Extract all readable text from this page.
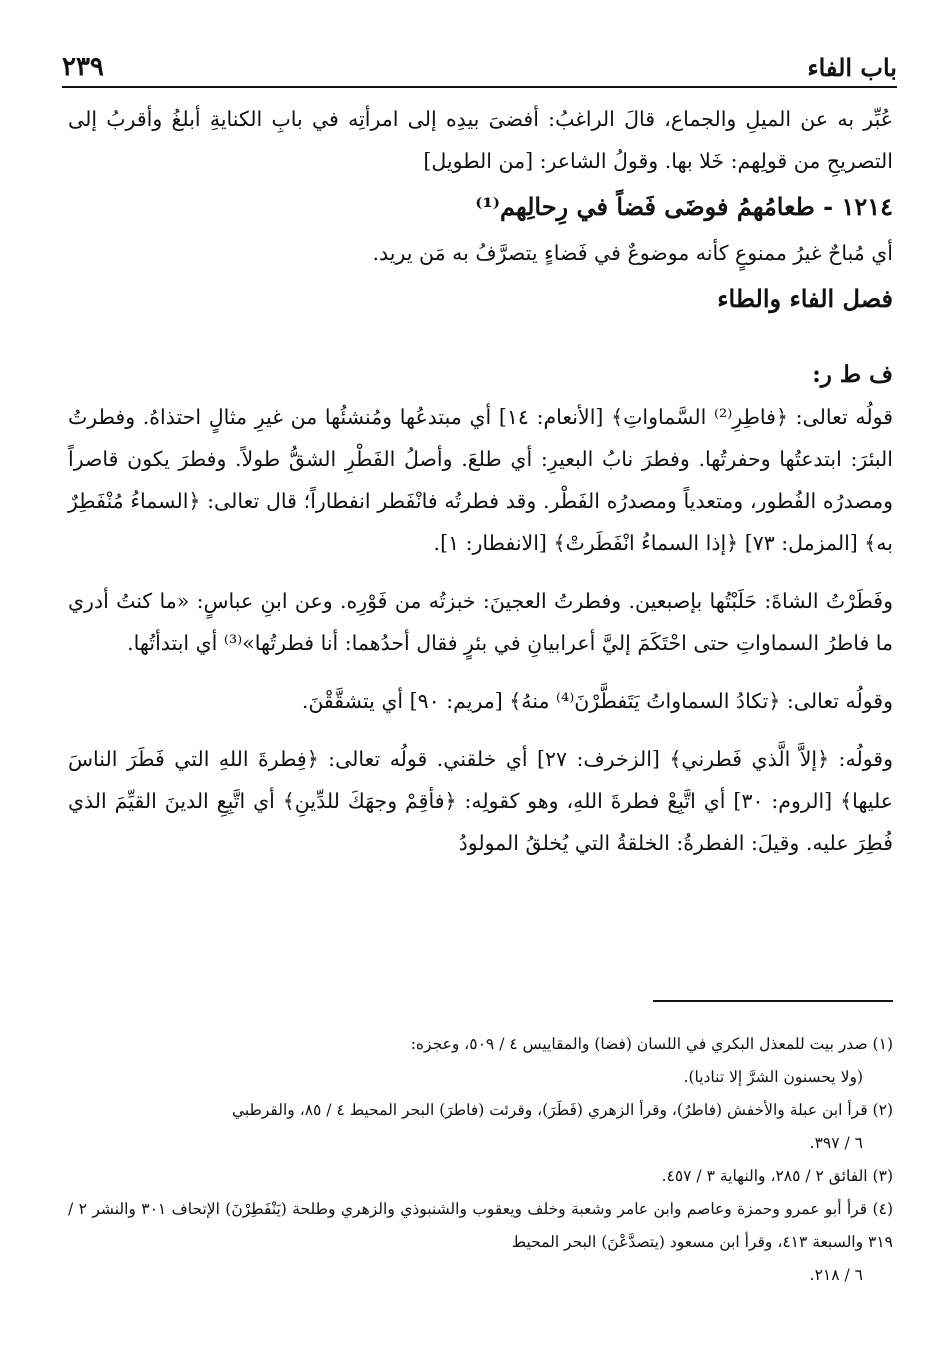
باب الفاء
٢٣٩

عُبِّر به عن الميلِ والجماع، قالَ الراغبُ: أفضىَ بيدِه إلى امرأتِه في بابِ الكنايةِ أبلغُ وأقربُ إلى التصريحِ من قولِهم: خَلا بها. وقولُ الشاعر: [من الطويل]

١٢١٤ - طعامُهمُ فوضَى فَضاً في رِحالِهم⁽¹⁾

أي مُباحٌ غيرُ ممنوعٍ كأنه موضوعٌ في فَضاءٍ يتصرَّفُ به مَن يريد.

فصل الفاء والطاء

ف ط ر:

قولُه تعالى: ﴿فاطِرِ⁽²⁾ السَّماواتِ﴾ [الأنعام: ١٤] أي مبتدعُها ومُنشئُها من غيرِ مثالٍ احتذاهُ. وفطرتُ البئرَ: ابتدعتُها وحفرتُها. وفطرَ نابُ البعيرِ: أي طلعَ. وأصلُ الفَطْرِ الشقُّ طولاً. وفطرَ يكون قاصراً ومصدرُه الفُطور، ومتعدياً ومصدرُه الفَطْر. وقد فطرتُه فانْفَطر انفطاراً؛ قال تعالى: ﴿السماءُ مُنْفَطِرٌ به﴾ [المزمل: ٧٣] ﴿إذا السماءُ انْفَطَرتْ﴾ [الانفطار: ١].

وفَطَرْتُ الشاةَ: حَلَبْتُها بإصبعين. وفطرتُ العجينَ: خبزتُه من فَوْرِه. وعن ابنِ عباسٍ: «ما كنتُ أدري ما فاطرُ السماواتِ حتى احْتَكَمَ إليَّ أعرابيانِ في بئرٍ فقال أحدُهما: أنا فطرتُها»⁽³⁾ أي ابتدأتُها.

وقولُه تعالى: ﴿تكادُ السماواتُ يَتَفطَّرْنَ⁽⁴⁾ منهُ﴾ [مريم: ٩٠] أي يتشقَّقْنَ.

وقولُه: ﴿إلاَّ الَّذي فَطرني﴾ [الزخرف: ٢٧] أي خلقني. قولُه تعالى: ﴿فِطرةَ اللهِ التي فَطَرَ الناسَ عليها﴾ [الروم: ٣٠] أي اتَّبِعْ فطرةَ اللهِ، وهو كقولِه: ﴿فأقِمْ وجهَكَ للدِّينِ﴾ أي اتَّبِعِ الدينَ القيِّمَ الذي فُطِرَ عليه. وقيلَ: الفطرةُ: الخلقةُ التي يُخلقُ المولودُ

(١) صدر بيت للمعذل البكري في اللسان (فضا) والمقاييس ٤ / ٥٠٩، وعجزه:
(ولا يحسنون الشرَّ إلا تناديا).

(٢) قرأ ابن عبلة والأخفش (فاطرُ)، وقرأ الزهري (فَطَرَ)، وقرئت (فاطرَ) البحر المحيط ٤ / ٨٥، والقرطبي
٦ / ٣٩٧.

(٣) الفائق ٢ / ٢٨٥، والنهاية ٣ / ٤٥٧.

(٤) قرأ أبو عمرو وحمزة وعاصم وابن عامر وشعبة وخلف ويعقوب والشنبوذي والزهري وطلحة (يَنْفَطِرْنَ) الإتحاف ٣٠١ والنشر ٢ / ٣١٩ والسبعة ٤١٣، وقرأ ابن مسعود (يتصدَّعْنَ) البحر المحيط
٦ / ٢١٨.
